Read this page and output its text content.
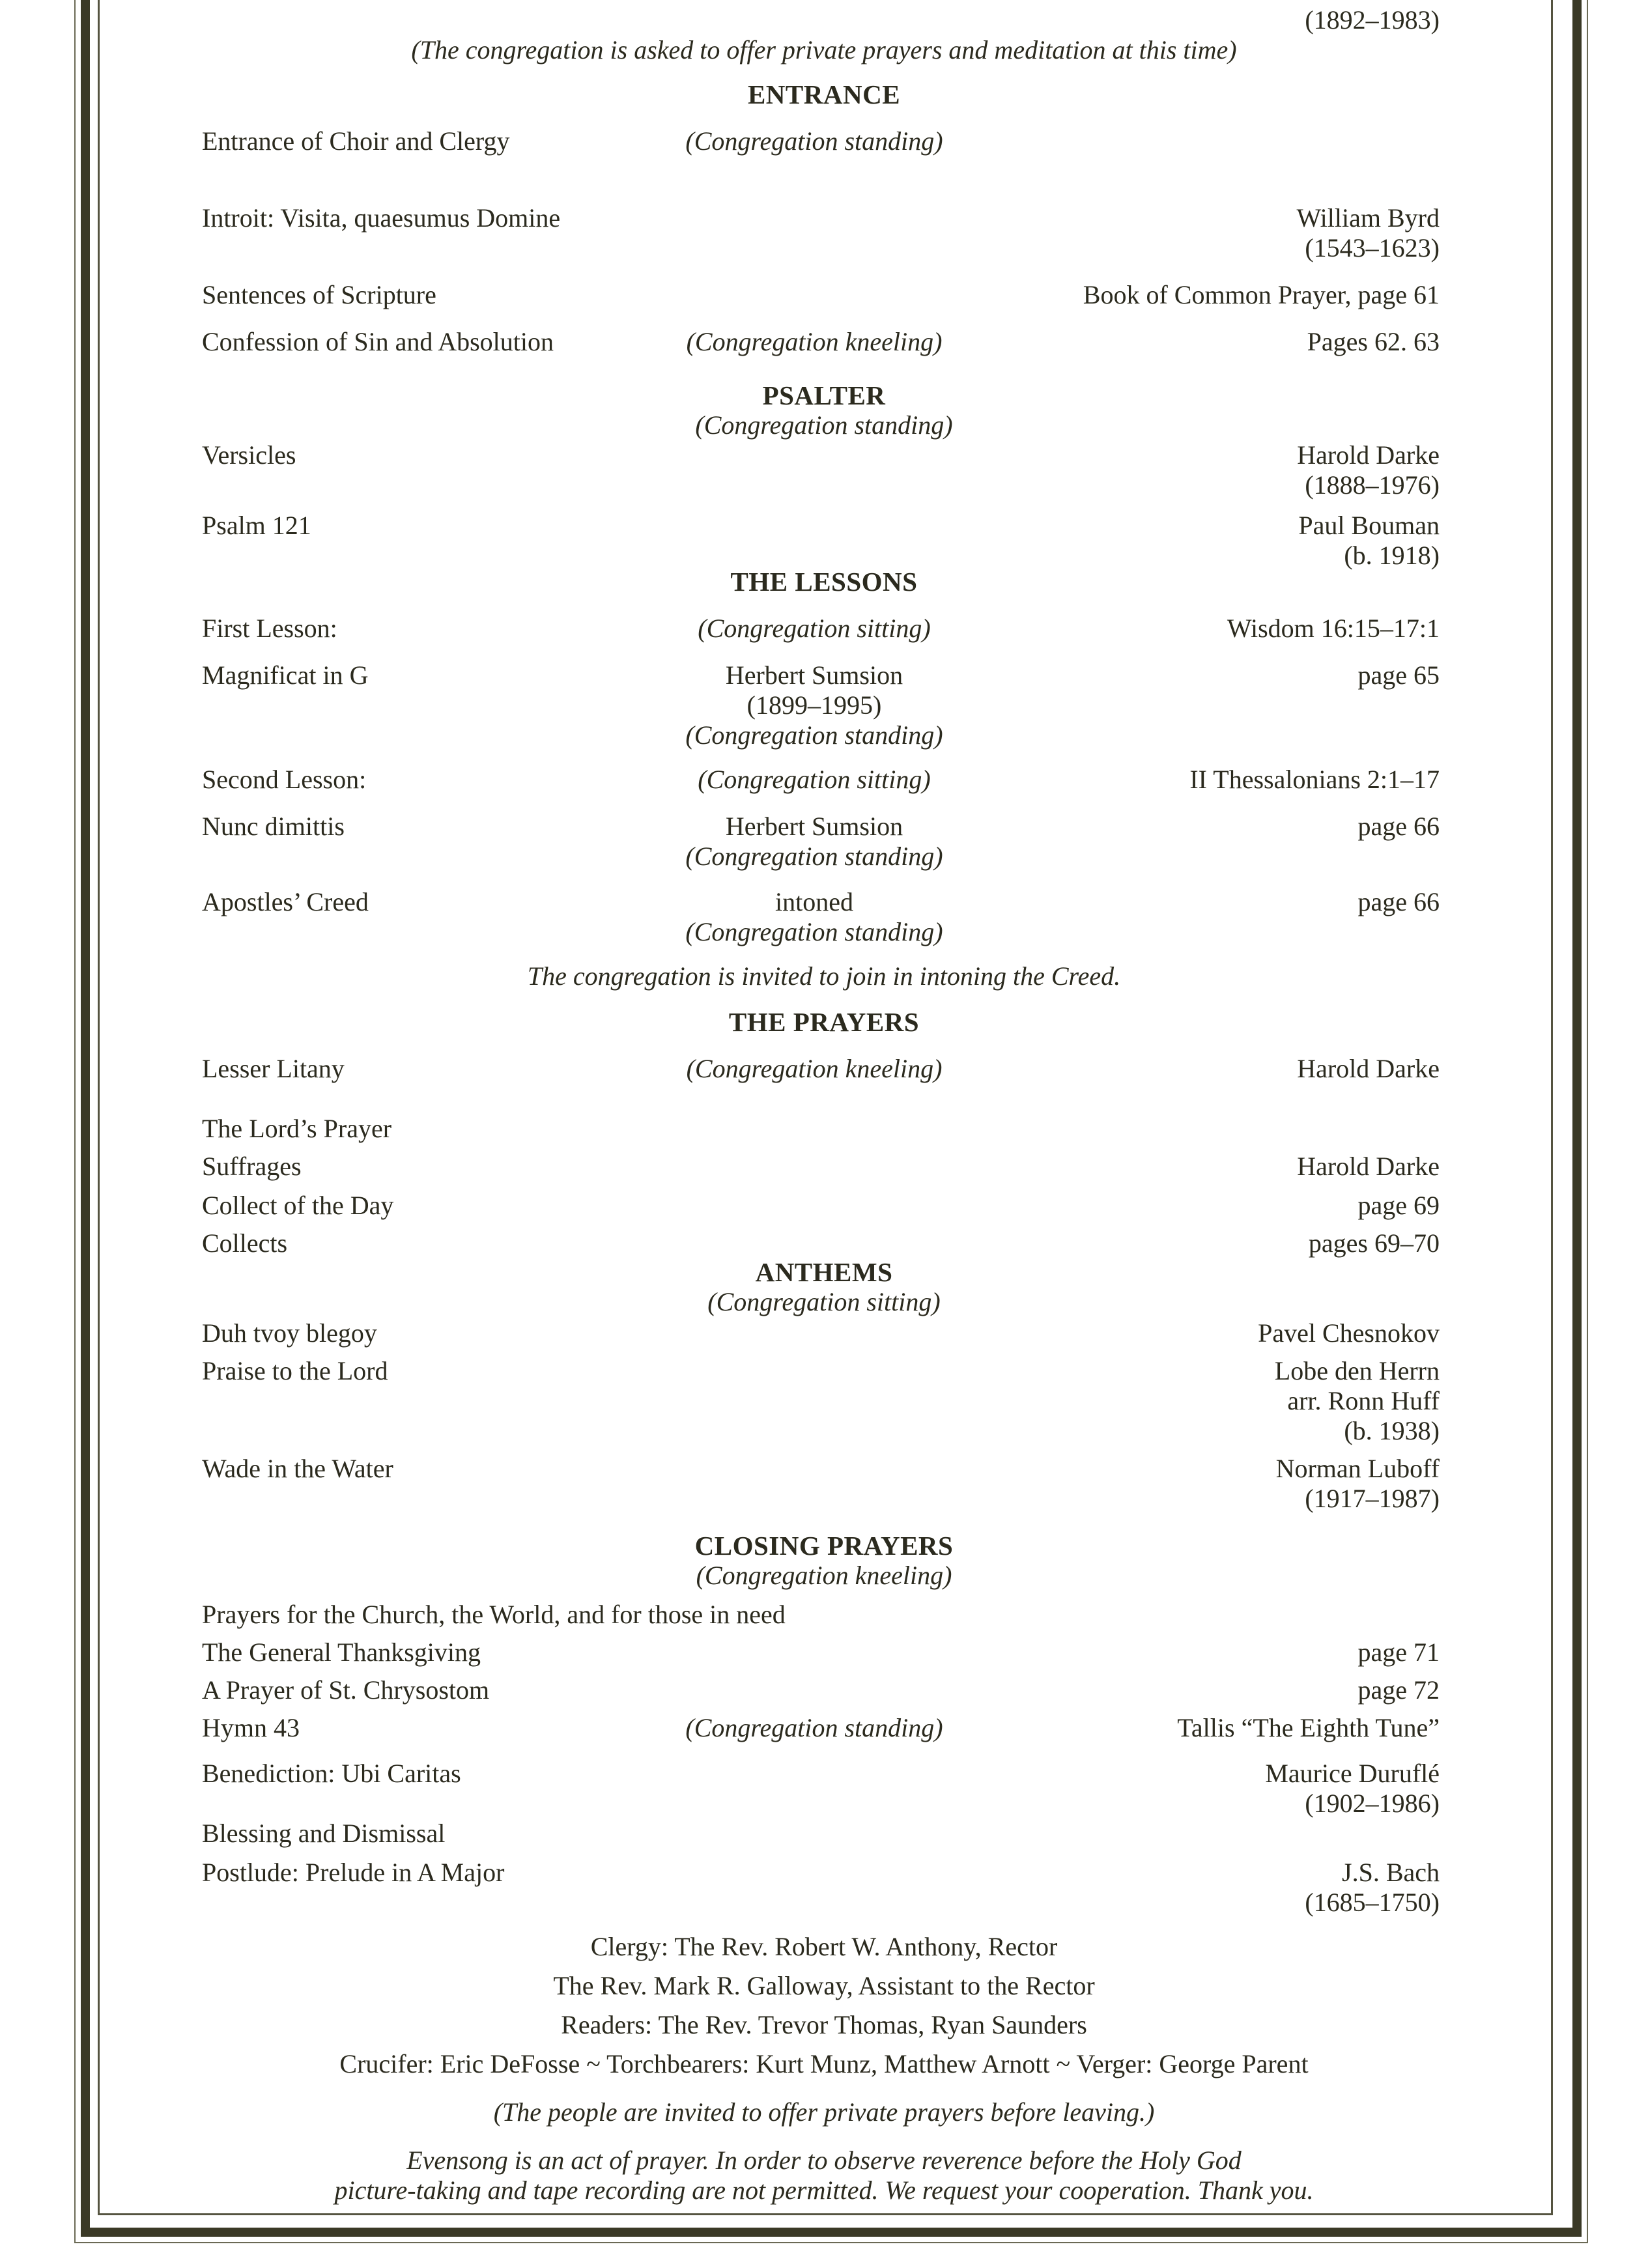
(1892–1983)
(The congregation is asked to offer private prayers and meditation at this time)
ENTRANCE
Entrance of Choir and Clergy	(Congregation standing)
Introit: Visita, quaesumus Domine	William Byrd
(1543–1623)
Sentences of Scripture	Book of Common Prayer, page 61
Confession of Sin and Absolution	(Congregation kneeling)	Pages 62. 63
PSALTER
(Congregation standing)
Versicles	Harold Darke
(1888–1976)
Psalm 121	Paul Bouman
(b. 1918)
THE LESSONS
First Lesson:	(Congregation sitting)	Wisdom 16:15–17:1
Magnificat in G	Herbert Sumsion	page 65
(1899–1995)
(Congregation standing)
Second Lesson:	(Congregation sitting)	II Thessalonians 2:1–17
Nunc dimittis	Herbert Sumsion	page 66
(Congregation standing)
Apostles’ Creed	intoned	page 66
(Congregation standing)
The congregation is invited to join in intoning the Creed.
THE PRAYERS
Lesser Litany	(Congregation kneeling)	Harold Darke
The Lord’s Prayer
Suffrages	Harold Darke
Collect of the Day	page 69
Collects	pages 69–70
ANTHEMS
(Congregation sitting)
Duh tvoy blegoy	Pavel Chesnokov
Praise to the Lord	Lobe den Herrn
arr. Ronn Huff
(b. 1938)
Wade in the Water	Norman Luboff
(1917–1987)
CLOSING PRAYERS
(Congregation kneeling)
Prayers for the Church, the World, and for those in need
The General Thanksgiving	page 71
A Prayer of St. Chrysostom	page 72
Hymn 43	(Congregation standing)	Tallis “The Eighth Tune”
Benediction: Ubi Caritas	Maurice Duruflé
(1902–1986)
Blessing and Dismissal
Postlude: Prelude in A Major	J.S. Bach
(1685–1750)
Clergy: The Rev. Robert W. Anthony, Rector
The Rev. Mark R. Galloway, Assistant to the Rector
Readers: The Rev. Trevor Thomas, Ryan Saunders
Crucifer: Eric DeFosse ~ Torchbearers: Kurt Munz, Matthew Arnott ~ Verger: George Parent
(The people are invited to offer private prayers before leaving.)
Evensong is an act of prayer. In order to observe reverence before the Holy God
picture-taking and tape recording are not permitted. We request your cooperation. Thank you.
